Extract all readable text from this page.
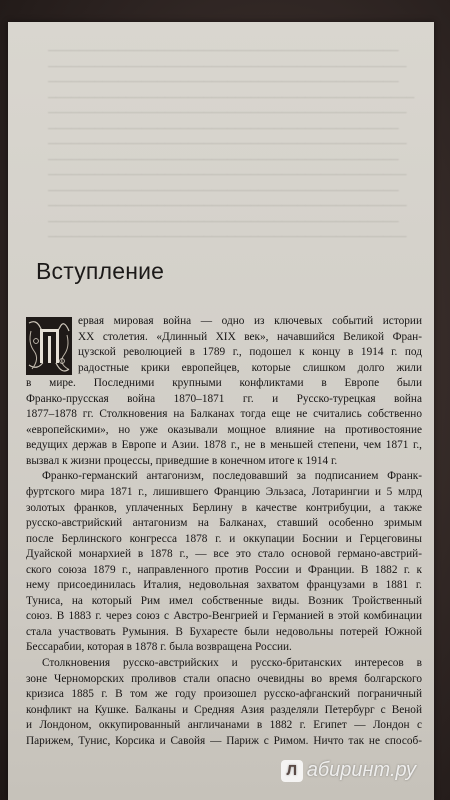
─────────────────────────────────────────────
──────────────────────────────────────────────
─────────────────────────────────────────────
───────────────────────────────────────────────
──────────────────────────────────────────────
─────────────────────────────────────────────
──────────────────────────────────────────────
─────────────────────────────────────────────
──────────────────────────────────────────────
─────────────────────────────────────────────
──────────────────────────────────────────────
─────────────────────────────────────────────
──────────────────────────────────────────────
Вступление
ервая мировая война — одно из ключевых событий истории
XX столетия. «Длинный XIX век», начавшийся Великой Фран-
цузской революцией в 1789 г., подошел к концу в 1914 г. под
радостные крики европейцев, которые слишком долго жили
в мире. Последними крупными конфликтами в Европе были
Франко-прусская война 1870–1871 гг. и Русско-турецкая война
1877–1878 гг. Столкновения на Балканах тогда еще не считались собственно
«европейскими», но уже оказывали мощное влияние на противостояние
ведущих держав в Европе и Азии. 1878 г., не в меньшей степени, чем 1871 г.,
вызвал к жизни процессы, приведшие в конечном итоге к 1914 г.
Франко-германский антагонизм, последовавший за подписанием Франк-
фуртского мира 1871 г., лишившего Францию Эльзаса, Лотарингии и 5 млрд
золотых франков, уплаченных Берлину в качестве контрибуции, а также
русско-австрийский антагонизм на Балканах, ставший особенно зримым
после Берлинского конгресса 1878 г. и оккупации Боснии и Герцеговины
Дуайской монархией в 1878 г., — все это стало основой германо-австрий-
ского союза 1879 г., направленного против России и Франции. В 1882 г. к
нему присоединилась Италия, недовольная захватом французами в 1881 г.
Туниса, на который Рим имел собственные виды. Возник Тройственный
союз. В 1883 г. через союз с Австро-Венгрией и Германией в этой комбинации
стала участвовать Румыния. В Бухаресте были недовольны потерей Южной
Бессарабии, которая в 1878 г. была возвращена России.
Столкновения русско-австрийских и русско-британских интересов в
зоне Черноморских проливов стали опасно очевидны во время болгарского
кризиса 1885 г. В том же году произошел русско-афганский пограничный
конфликт на Кушке. Балканы и Средняя Азия разделяли Петербург с Веной
и Лондоном, оккупированный англичанами в 1882 г. Египет — Лондон с
Парижем, Тунис, Корсика и Савойя — Париж с Римом. Ничто так не способ-
Л абиринт.ру
